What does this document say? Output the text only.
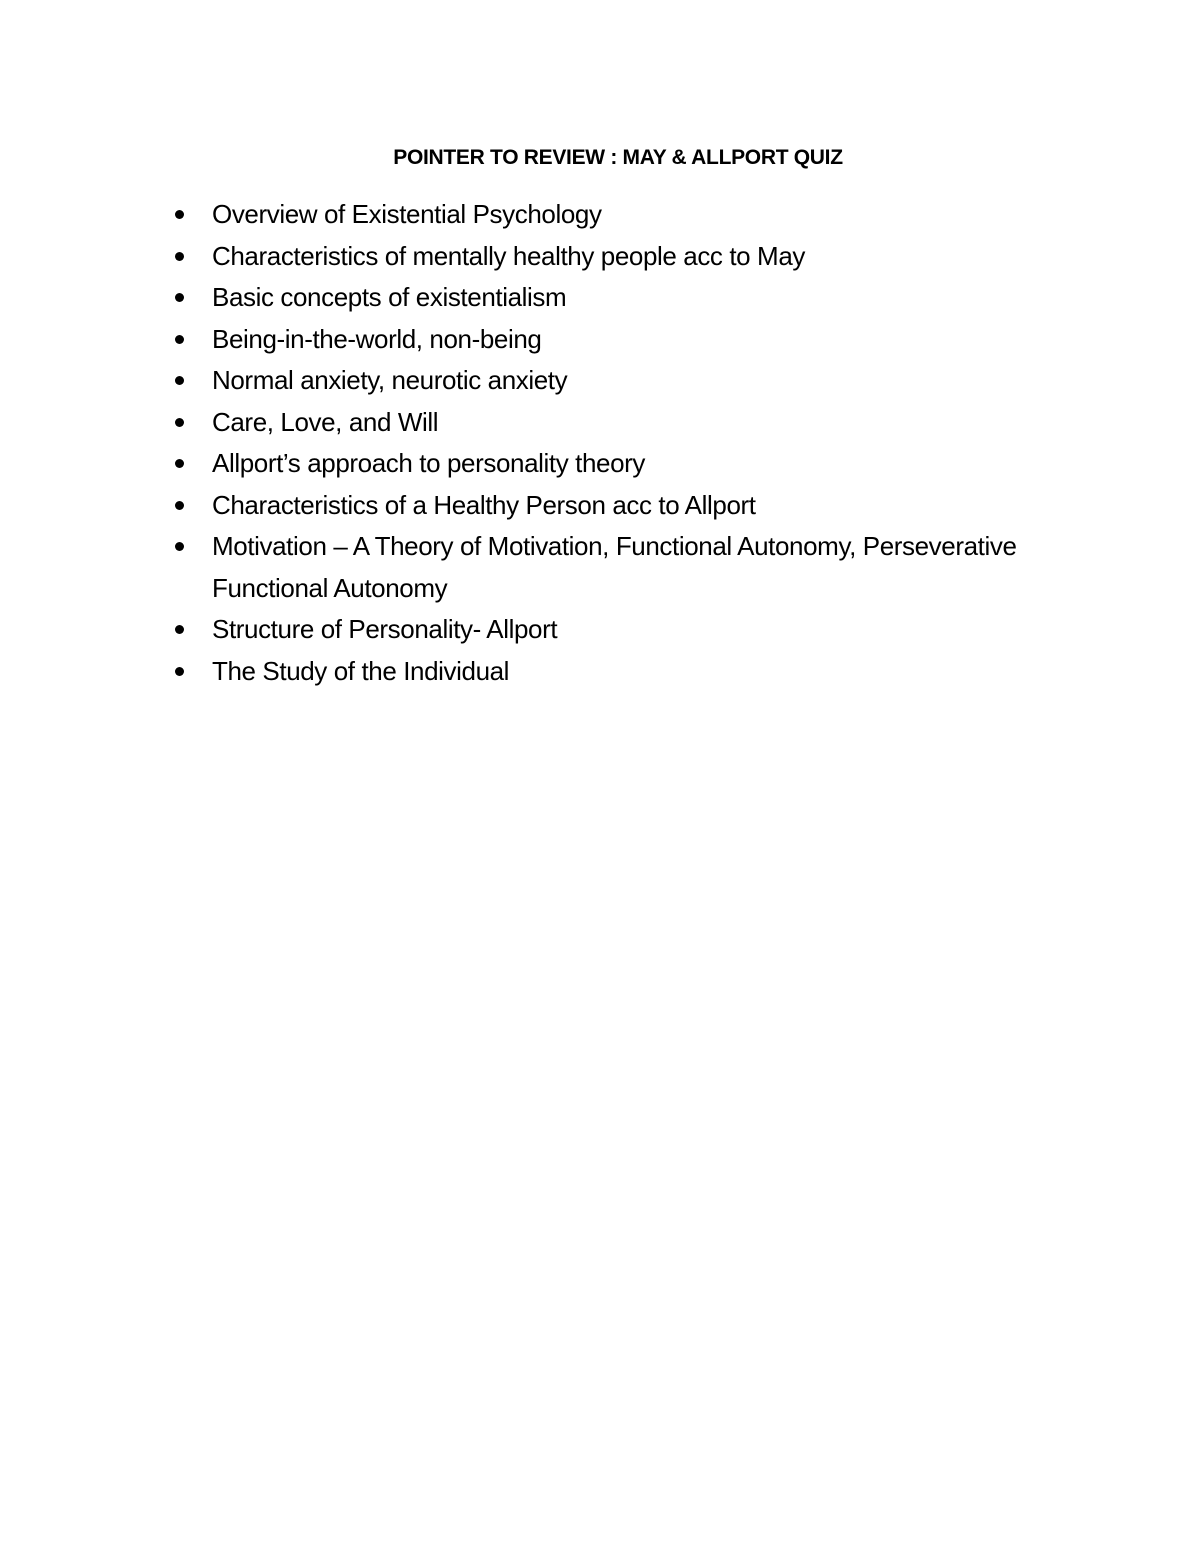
POINTER TO REVIEW : MAY & ALLPORT QUIZ
Overview of Existential Psychology
Characteristics of mentally healthy people acc to May
Basic concepts of existentialism
Being-in-the-world, non-being
Normal anxiety, neurotic anxiety
Care, Love, and Will
Allport’s approach to personality theory
Characteristics of a Healthy Person acc to Allport
Motivation – A Theory of Motivation, Functional Autonomy, Perseverative Functional Autonomy
Structure of Personality- Allport
The Study of the Individual
